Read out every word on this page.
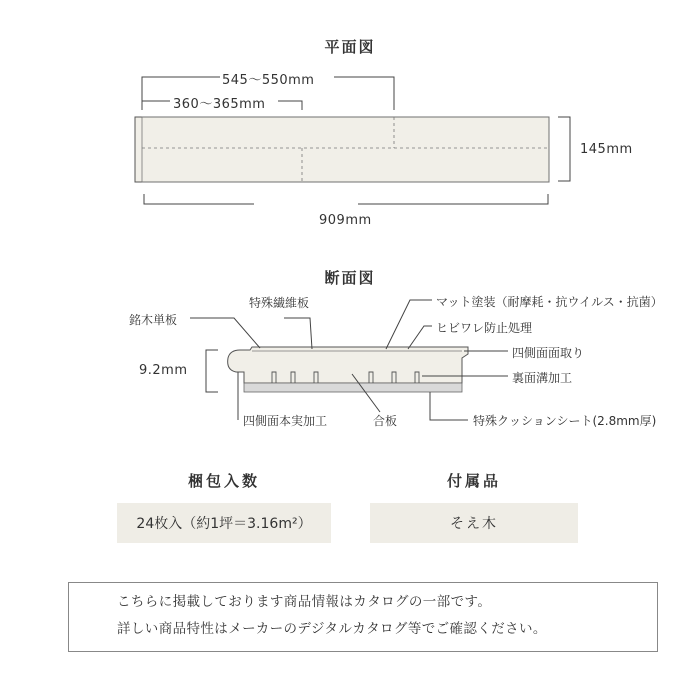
平面図
545〜550mm
360〜365mm
145mm
909mm
断面図
9.2mm
銘木単板
特殊繊維板	マット塗装（耐摩耗・抗ウイルス・抗菌）
ヒビワレ防止処理
四側面面取り
裏面溝加工
四側面本実加工	合板	特殊クッションシート(2.8mm厚)
梱包入数
24枚入（約1坪＝3.16m²）
付属品
そえ木
こちらに掲載しております商品情報はカタログの一部です。
詳しい商品特性はメーカーのデジタルカタログ等でご確認ください。
